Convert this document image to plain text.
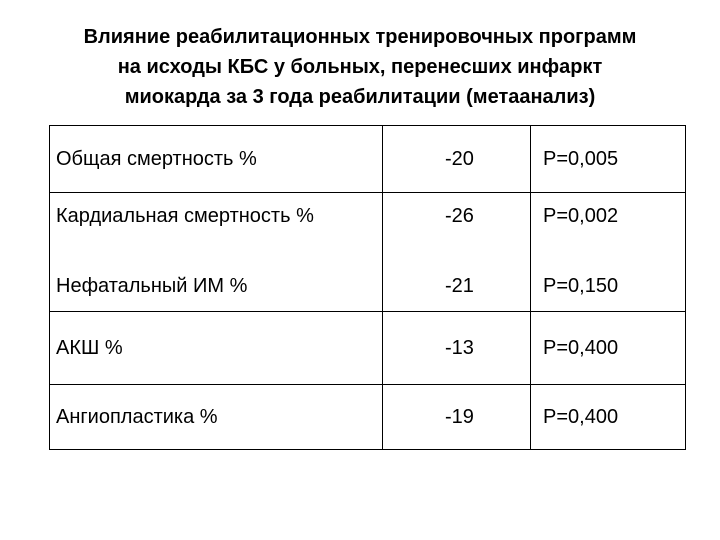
Влияние реабилитационных тренировочных программ
на исходы КБС у больных, перенесших инфаркт
миокарда за 3 года реабилитации (метаанализ)
Общая смертность %	-20	P=0,005
Кардиальная смертность %	-26	P=0,002
Нефатальный ИМ %	-21	P=0,150
АКШ %	-13	P=0,400
Ангиопластика %	-19	P=0,400
